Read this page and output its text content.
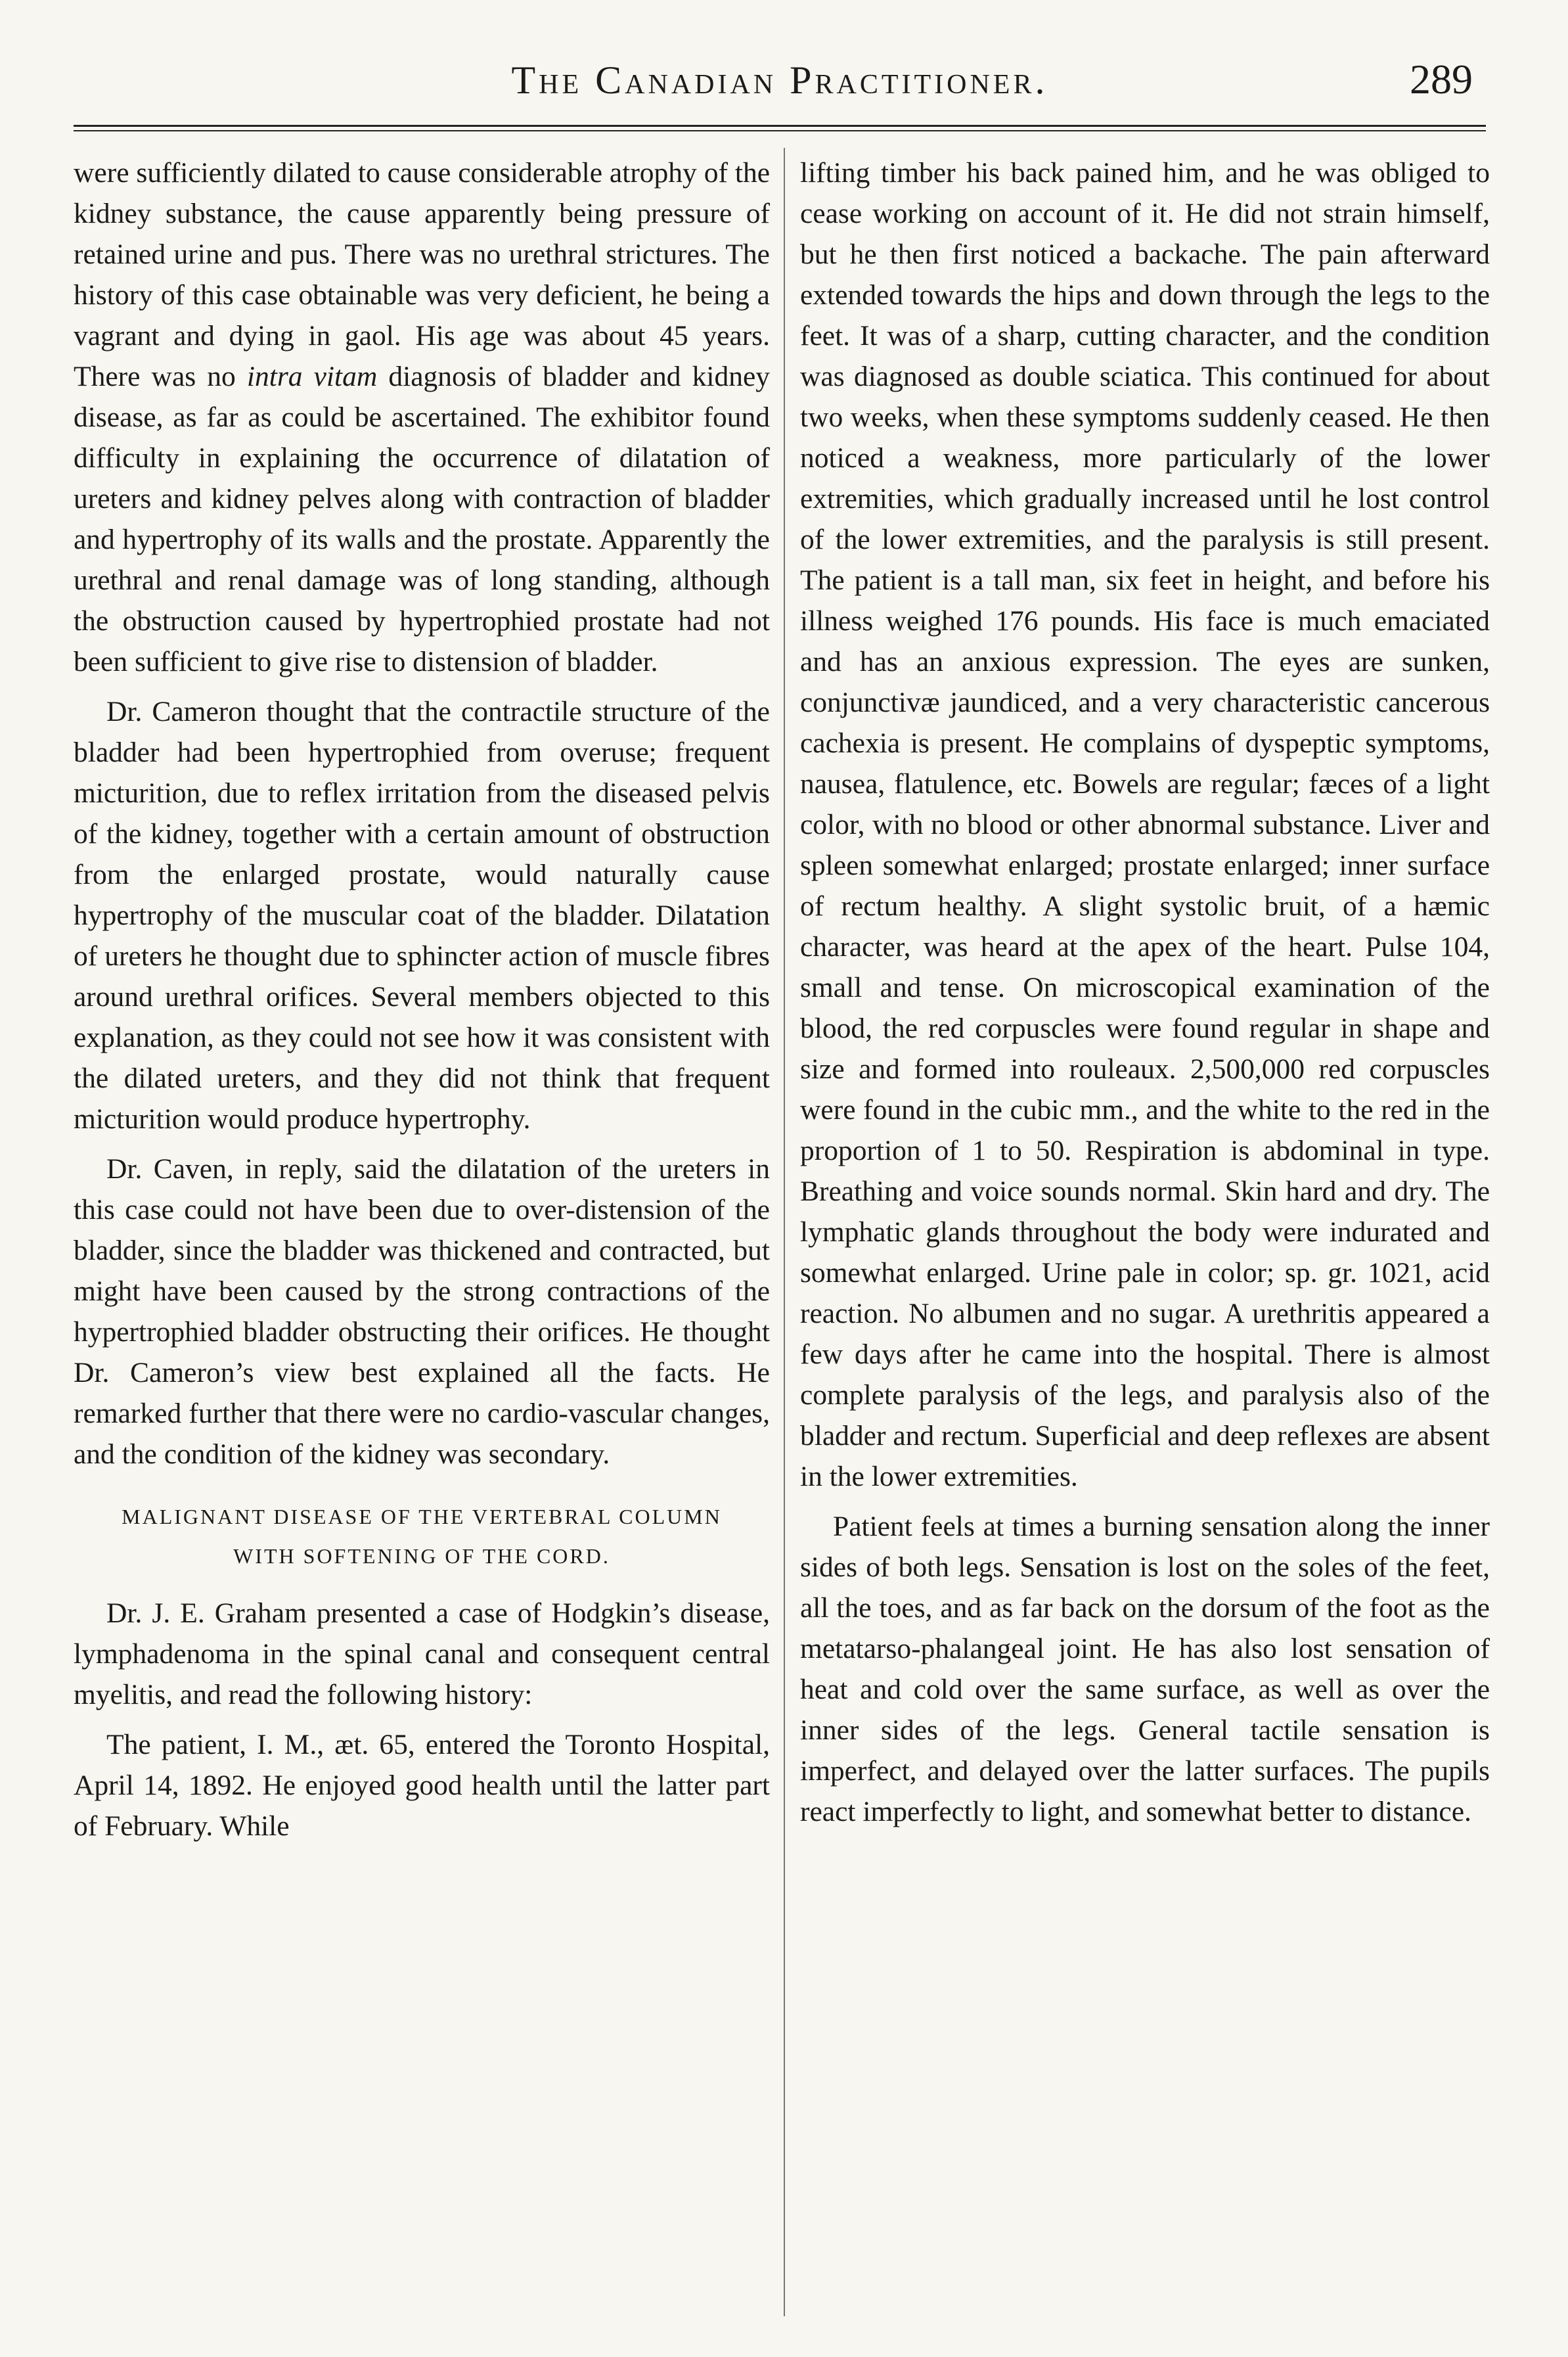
The Canadian Practitioner.	289

were sufficiently dilated to cause considerable atrophy of the kidney substance, the cause apparently being pressure of retained urine and pus. There was no urethral strictures. The history of this case obtainable was very deficient, he being a vagrant and dying in gaol. His age was about 45 years. There was no intra vitam diagnosis of bladder and kidney disease, as far as could be ascertained. The exhibitor found difficulty in explaining the occurrence of dilatation of ureters and kidney pelves along with contraction of bladder and hypertrophy of its walls and the prostate. Apparently the urethral and renal damage was of long standing, although the obstruction caused by hypertrophied prostate had not been sufficient to give rise to distension of bladder.

Dr. Cameron thought that the contractile structure of the bladder had been hypertrophied from overuse; frequent micturition, due to reflex irritation from the diseased pelvis of the kidney, together with a certain amount of obstruction from the enlarged prostate, would naturally cause hypertrophy of the muscular coat of the bladder. Dilatation of ureters he thought due to sphincter action of muscle fibres around urethral orifices. Several members objected to this explanation, as they could not see how it was consistent with the dilated ureters, and they did not think that frequent micturition would produce hypertrophy.

Dr. Caven, in reply, said the dilatation of the ureters in this case could not have been due to over-distension of the bladder, since the bladder was thickened and contracted, but might have been caused by the strong contractions of the hypertrophied bladder obstructing their orifices. He thought Dr. Cameron’s view best explained all the facts. He remarked further that there were no cardio-vascular changes, and the condition of the kidney was secondary.

MALIGNANT DISEASE OF THE VERTEBRAL COLUMN
WITH SOFTENING OF THE CORD.

Dr. J. E. Graham presented a case of Hodgkin’s disease, lymphadenoma in the spinal canal and consequent central myelitis, and read the following history:

The patient, I. M., æt. 65, entered the Toronto Hospital, April 14, 1892. He enjoyed good health until the latter part of February. While

lifting timber his back pained him, and he was obliged to cease working on account of it. He did not strain himself, but he then first noticed a backache. The pain afterward extended towards the hips and down through the legs to the feet. It was of a sharp, cutting character, and the condition was diagnosed as double sciatica. This continued for about two weeks, when these symptoms suddenly ceased. He then noticed a weakness, more particularly of the lower extremities, which gradually increased until he lost control of the lower extremities, and the paralysis is still present. The patient is a tall man, six feet in height, and before his illness weighed 176 pounds. His face is much emaciated and has an anxious expression. The eyes are sunken, conjunctivæ jaundiced, and a very characteristic cancerous cachexia is present. He complains of dyspeptic symptoms, nausea, flatulence, etc. Bowels are regular; fæces of a light color, with no blood or other abnormal substance. Liver and spleen somewhat enlarged; prostate enlarged; inner surface of rectum healthy. A slight systolic bruit, of a hæmic character, was heard at the apex of the heart. Pulse 104, small and tense. On microscopical examination of the blood, the red corpuscles were found regular in shape and size and formed into rouleaux. 2,500,000 red corpuscles were found in the cubic mm., and the white to the red in the proportion of 1 to 50. Respiration is abdominal in type. Breathing and voice sounds normal. Skin hard and dry. The lymphatic glands throughout the body were indurated and somewhat enlarged. Urine pale in color; sp. gr. 1021, acid reaction. No albumen and no sugar. A urethritis appeared a few days after he came into the hospital. There is almost complete paralysis of the legs, and paralysis also of the bladder and rectum. Superficial and deep reflexes are absent in the lower extremities.

Patient feels at times a burning sensation along the inner sides of both legs. Sensation is lost on the soles of the feet, all the toes, and as far back on the dorsum of the foot as the metatarso-phalangeal joint. He has also lost sensation of heat and cold over the same surface, as well as over the inner sides of the legs. General tactile sensation is imperfect, and delayed over the latter surfaces. The pupils react imperfectly to light, and somewhat better to distance.
